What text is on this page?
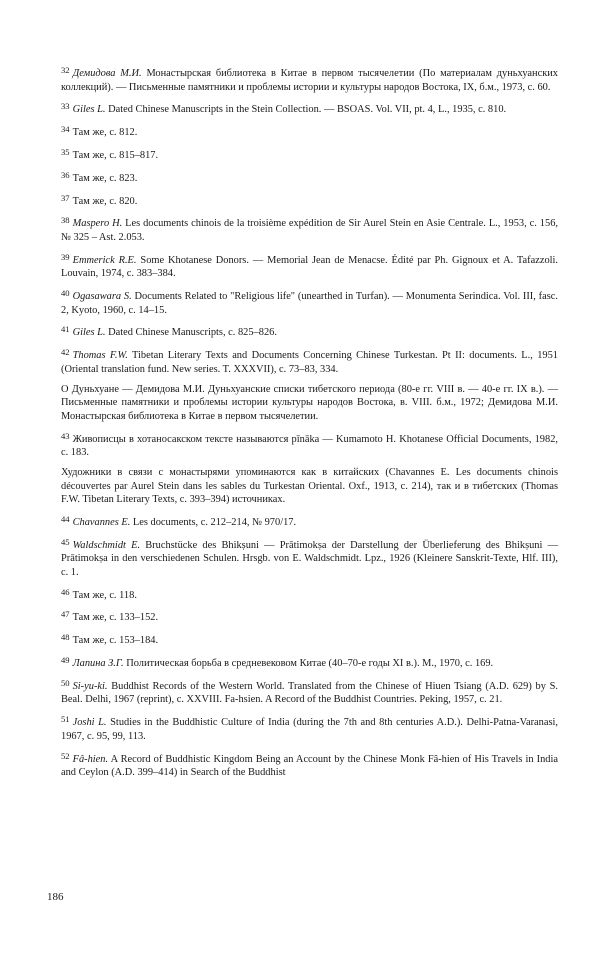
$^{32}$ Демидова М.И. Монастырская библиотека в Китае в первом тысячелетии (По материалам дуньхуанских коллекций). — Письменные памятники и проблемы истории и культуры народов Востока, IX, б.м., 1973, с. 60.

$^{33}$ Giles L. Dated Chinese Manuscripts in the Stein Collection. — BSOAS. Vol. VII, pt. 4, L., 1935, c. 810.

$^{34}$ Там же, с. 812.

$^{35}$ Там же, с. 815–817.

$^{36}$ Там же, с. 823.

$^{37}$ Там же, с. 820.

$^{38}$ Maspero H. Les documents chinois de la troisième expédition de Sir Aurel Stein en Asie Centrale. L., 1953, c. 156, № 325 – Ast. 2.053.

$^{39}$ Emmerick R.E. Some Khotanese Donors. — Memorial Jean de Menacse. Édité par Ph. Gignoux et A. Tafazzoli. Louvain, 1974, c. 383–384.

$^{40}$ Ogasawara S. Documents Related to "Religious life" (unearthed in Turfan). — Monumenta Serindica. Vol. III, fasc. 2, Kyoto, 1960, c. 14–15.

$^{41}$ Giles L. Dated Chinese Manuscripts, c. 825–826.

$^{42}$ Thomas F.W. Tibetan Literary Texts and Documents Concerning Chinese Turkestan. Pt II: documents. L., 1951 (Oriental translation fund. New series. T. XXXVII), c. 73–83, 334.

О Дуньхуане — Демидова М.И. Дуньхуанские списки тибетского периода (80-е гг. VIII в. — 40-е гг. IX в.). — Письменные памятники и проблемы истории культуры народов Востока, в. VIII. б.м., 1972; Демидова М.И. Монастырская библиотека в Китае в первом тысячелетии.

$^{43}$ Живописцы в хотаносакском тексте называются pīnāka — Kumamoto H. Khotanese Official Documents, 1982, c. 183.

Художники в связи с монастырями упоминаются как в китайских (Chavannes E. Les documents chinois découvertes par Aurel Stein dans les sables du Turkestan Oriental. Oxf., 1913, c. 214), так и в тибетских (Thomas F.W. Tibetan Literary Texts, c. 393–394) источниках.

$^{44}$ Chavannes E. Les documents, c. 212–214, № 970/17.

$^{45}$ Waldschmidt E. Bruchstücke des Bhikṣuni — Prātimokṣa der Darstellung der Überlieferung des Bhikṣuni — Prātimokṣa in den verschiedenen Schulen. Hrsgb. von E. Waldschmidt. Lpz., 1926 (Kleinere Sanskrit-Texte, Hlf. III), c. 1.

$^{46}$ Там же, с. 118.

$^{47}$ Там же, с. 133–152.

$^{48}$ Там же, с. 153–184.

$^{49}$ Лапина З.Г. Политическая борьба в средневековом Китае (40–70-е годы XI в.). М., 1970, с. 169.

$^{50}$ Si-yu-ki. Buddhist Records of the Western World. Translated from the Chinese of Hiuen Tsiang (A.D. 629) by S. Beal. Delhi, 1967 (reprint), c. XXVIII. Fa-hsien. A Record of the Buddhist Countries. Peking, 1957, c. 21.

$^{51}$ Joshi L. Studies in the Buddhistic Culture of India (during the 7th and 8th centuries A.D.). Delhi-Patna-Varanasi, 1967, c. 95, 99, 113.

$^{52}$ Fâ-hien. A Record of Buddhistic Kingdom Being an Account by the Chinese Monk Fâ-hien of His Travels in India and Ceylon (A.D. 399–414) in Search of the Buddhist

186
